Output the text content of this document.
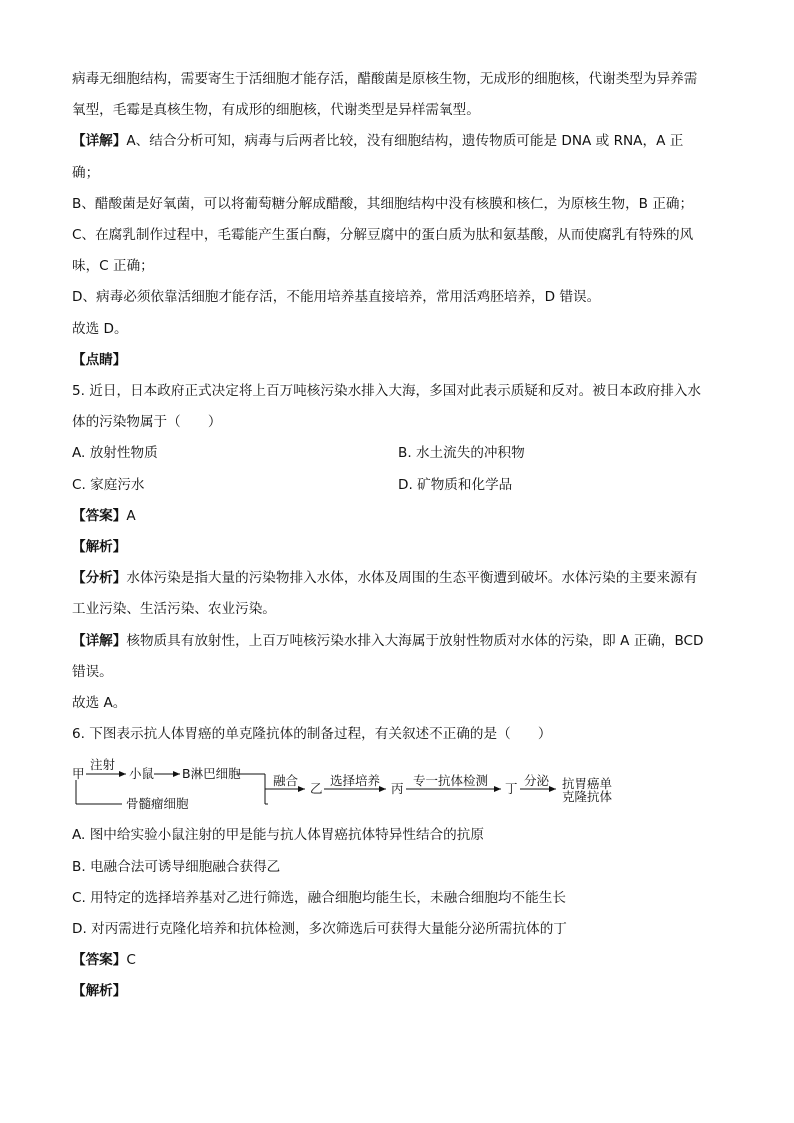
病毒无细胞结构，需要寄生于活细胞才能存活，醋酸菌是原核生物，无成形的细胞核，代谢类型为异养需
氧型，毛霉是真核生物，有成形的细胞核，代谢类型是异样需氧型。
【详解】A、结合分析可知，病毒与后两者比较，没有细胞结构，遗传物质可能是 DNA 或 RNA，A 正
确；
B、醋酸菌是好氧菌，可以将葡萄糖分解成醋酸，其细胞结构中没有核膜和核仁，为原核生物，B 正确；
C、在腐乳制作过程中，毛霉能产生蛋白酶，分解豆腐中的蛋白质为肽和氨基酸，从而使腐乳有特殊的风
味，C 正确；
D、病毒必须依靠活细胞才能存活，不能用培养基直接培养，常用活鸡胚培养，D 错误。
故选 D。
【点睛】
5. 近日，日本政府正式决定将上百万吨核污染水排入大海，多国对此表示质疑和反对。被日本政府排入水
体的污染物属于（　　）
A. 放射性物质	B. 水土流失的冲积物
C. 家庭污水	D. 矿物质和化学品
【答案】A
【解析】
【分析】水体污染是指大量的污染物排入水体，水体及周围的生态平衡遭到破坏。水体污染的主要来源有
工业污染、生活污染、农业污染。
【详解】核物质具有放射性，上百万吨核污染水排入大海属于放射性物质对水体的污染，即 A 正确，BCD
错误。
故选 A。
6. 下图表示抗人体胃癌的单克隆抗体的制备过程，有关叙述不正确的是（　　）
甲
注射
小鼠 B淋巴细胞
骨髓瘤细胞
融合
乙
选择培养
丙
专一抗体检测
丁
分泌 抗胃癌单
克隆抗体
A. 图中给实验小鼠注射的甲是能与抗人体胃癌抗体特异性结合的抗原
B. 电融合法可诱导细胞融合获得乙
C. 用特定的选择培养基对乙进行筛选，融合细胞均能生长，未融合细胞均不能生长
D. 对丙需进行克隆化培养和抗体检测，多次筛选后可获得大量能分泌所需抗体的丁
【答案】C
【解析】
